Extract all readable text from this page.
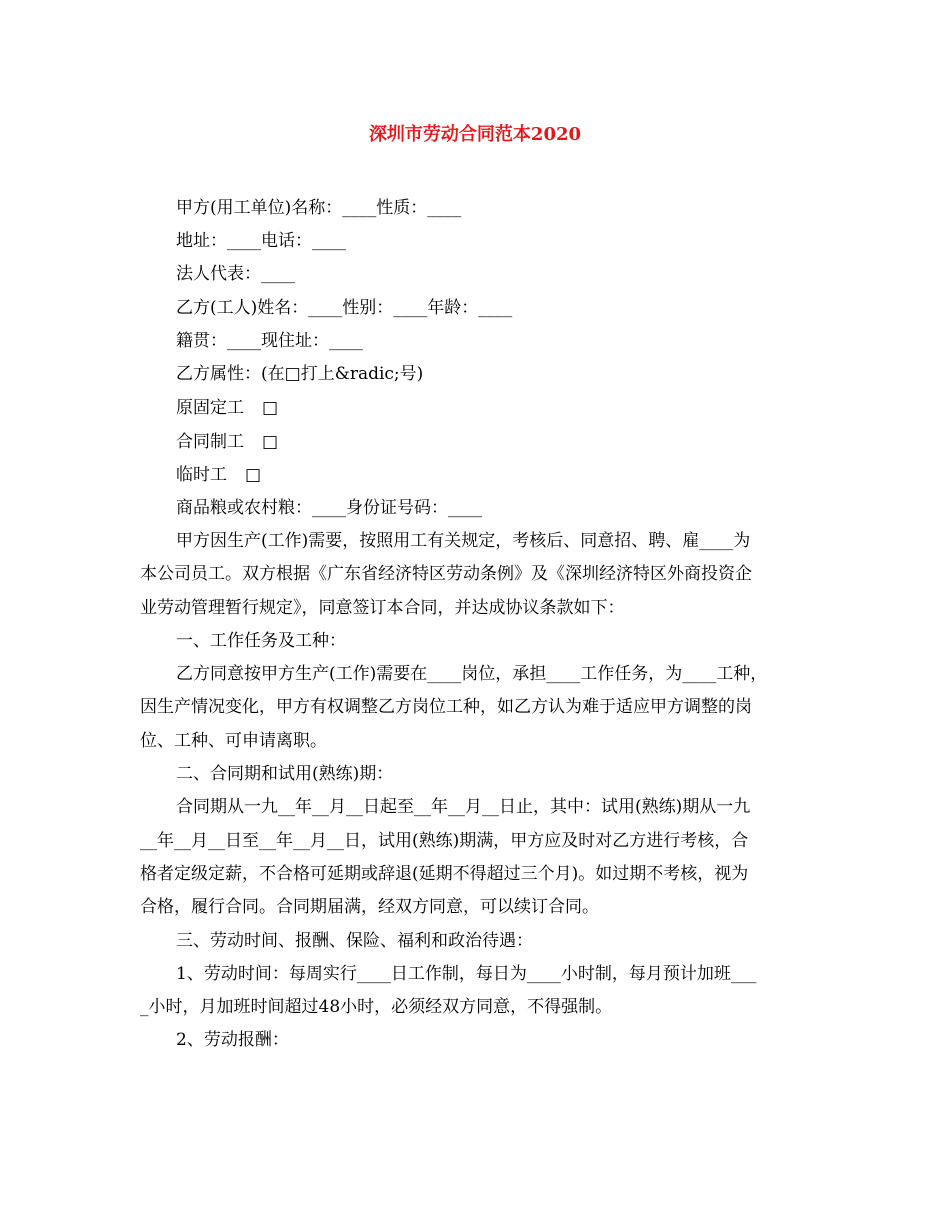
深圳市劳动合同范本2020
甲方(用工单位)名称：____性质：____
地址：____电话：____
法人代表：____
乙方(工人)姓名：____性别：____年龄：____
籍贯：____现住址：____
乙方属性：(在□打上&radic;号)
原固定工 □
合同制工 □
临时工 □
商品粮或农村粮：____身份证号码：____
甲方因生产(工作)需要，按照用工有关规定，考核后、同意招、聘、雇____为
本公司员工。双方根据《广东省经济特区劳动条例》及《深圳经济特区外商投资企
业劳动管理暂行规定》，同意签订本合同，并达成协议条款如下：
一、工作任务及工种：
乙方同意按甲方生产(工作)需要在____岗位，承担____工作任务，为____工种，
因生产情况变化，甲方有权调整乙方岗位工种，如乙方认为难于适应甲方调整的岗
位、工种、可申请离职。
二、合同期和试用(熟练)期：
合同期从一九__年__月__日起至__年__月__日止，其中：试用(熟练)期从一九
__年__月__日至__年__月__日，试用(熟练)期满，甲方应及时对乙方进行考核，合
格者定级定薪，不合格可延期或辞退(延期不得超过三个月)。如过期不考核，视为
合格，履行合同。合同期届满，经双方同意，可以续订合同。
三、劳动时间、报酬、保险、福利和政治待遇：
1、劳动时间：每周实行____日工作制，每日为____小时制，每月预计加班___
_小时，月加班时间超过48小时，必须经双方同意，不得强制。
2、劳动报酬：
